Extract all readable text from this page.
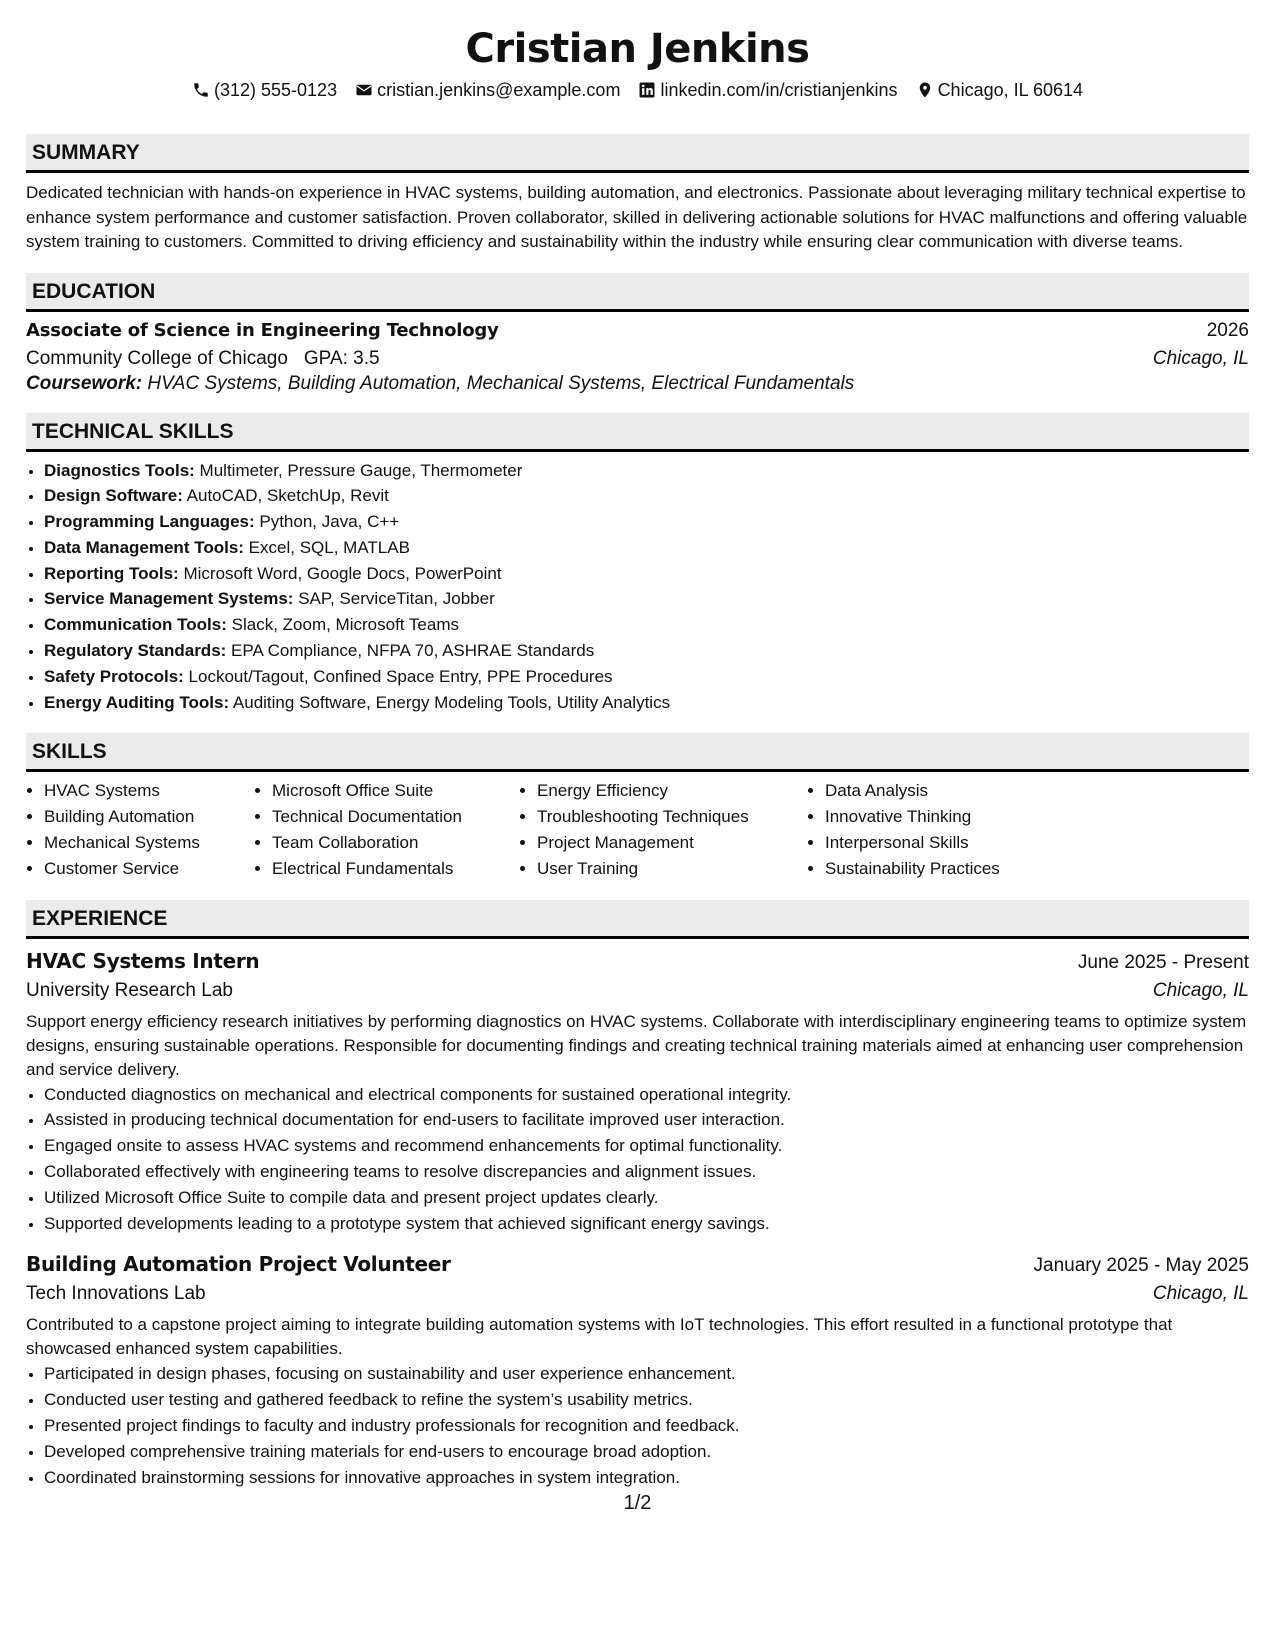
Cristian Jenkins
(312) 555-0123 cristian.jenkins@example.com linkedin.com/in/cristianjenkins Chicago, IL 60614
SUMMARY

Dedicated technician with hands-on experience in HVAC systems, building automation, and electronics. Passionate about leveraging military technical expertise to enhance system performance and customer satisfaction. Proven collaborator, skilled in delivering actionable solutions for HVAC malfunctions and offering valuable system training to customers. Committed to driving efficiency and sustainability within the industry while ensuring clear communication with diverse teams.

EDUCATION
Associate of Science in Engineering Technology	2026
Community College of Chicago GPA: 3.5	Chicago, IL
Coursework: HVAC Systems, Building Automation, Mechanical Systems, Electrical Fundamentals
TECHNICAL SKILLS
• Diagnostics Tools: Multimeter, Pressure Gauge, Thermometer
• Design Software: AutoCAD, SketchUp, Revit
• Programming Languages: Python, Java, C++
• Data Management Tools: Excel, SQL, MATLAB
• Reporting Tools: Microsoft Word, Google Docs, PowerPoint
• Service Management Systems: SAP, ServiceTitan, Jobber
• Communication Tools: Slack, Zoom, Microsoft Teams
• Regulatory Standards: EPA Compliance, NFPA 70, ASHRAE Standards
• Safety Protocols: Lockout/Tagout, Confined Space Entry, PPE Procedures
• Energy Auditing Tools: Auditing Software, Energy Modeling Tools, Utility Analytics
SKILLS
• HVAC Systems
• Building Automation
• Mechanical Systems
• Customer Service
• Microsoft Office Suite
• Technical Documentation
• Team Collaboration
• Electrical Fundamentals
• Energy Efficiency
• Troubleshooting Techniques
• Project Management
• User Training
• Data Analysis
• Innovative Thinking
• Interpersonal Skills
• Sustainability Practices
EXPERIENCE
HVAC Systems Intern	June 2025 - Present
University Research Lab	Chicago, IL

Support energy efficiency research initiatives by performing diagnostics on HVAC systems. Collaborate with interdisciplinary engineering teams to optimize system designs, ensuring sustainable operations. Responsible for documenting findings and creating technical training materials aimed at enhancing user comprehension and service delivery.

• Conducted diagnostics on mechanical and electrical components for sustained operational integrity.
• Assisted in producing technical documentation for end-users to facilitate improved user interaction.
• Engaged onsite to assess HVAC systems and recommend enhancements for optimal functionality.
• Collaborated effectively with engineering teams to resolve discrepancies and alignment issues.
• Utilized Microsoft Office Suite to compile data and present project updates clearly.
• Supported developments leading to a prototype system that achieved significant energy savings.
Building Automation Project Volunteer	January 2025 - May 2025
Tech Innovations Lab	Chicago, IL

Contributed to a capstone project aiming to integrate building automation systems with IoT technologies. This effort resulted in a functional prototype that showcased enhanced system capabilities.

• Participated in design phases, focusing on sustainability and user experience enhancement.
• Conducted user testing and gathered feedback to refine the system’s usability metrics.
• Presented project findings to faculty and industry professionals for recognition and feedback.
• Developed comprehensive training materials for end-users to encourage broad adoption.
• Coordinated brainstorming sessions for innovative approaches in system integration.
1/2
